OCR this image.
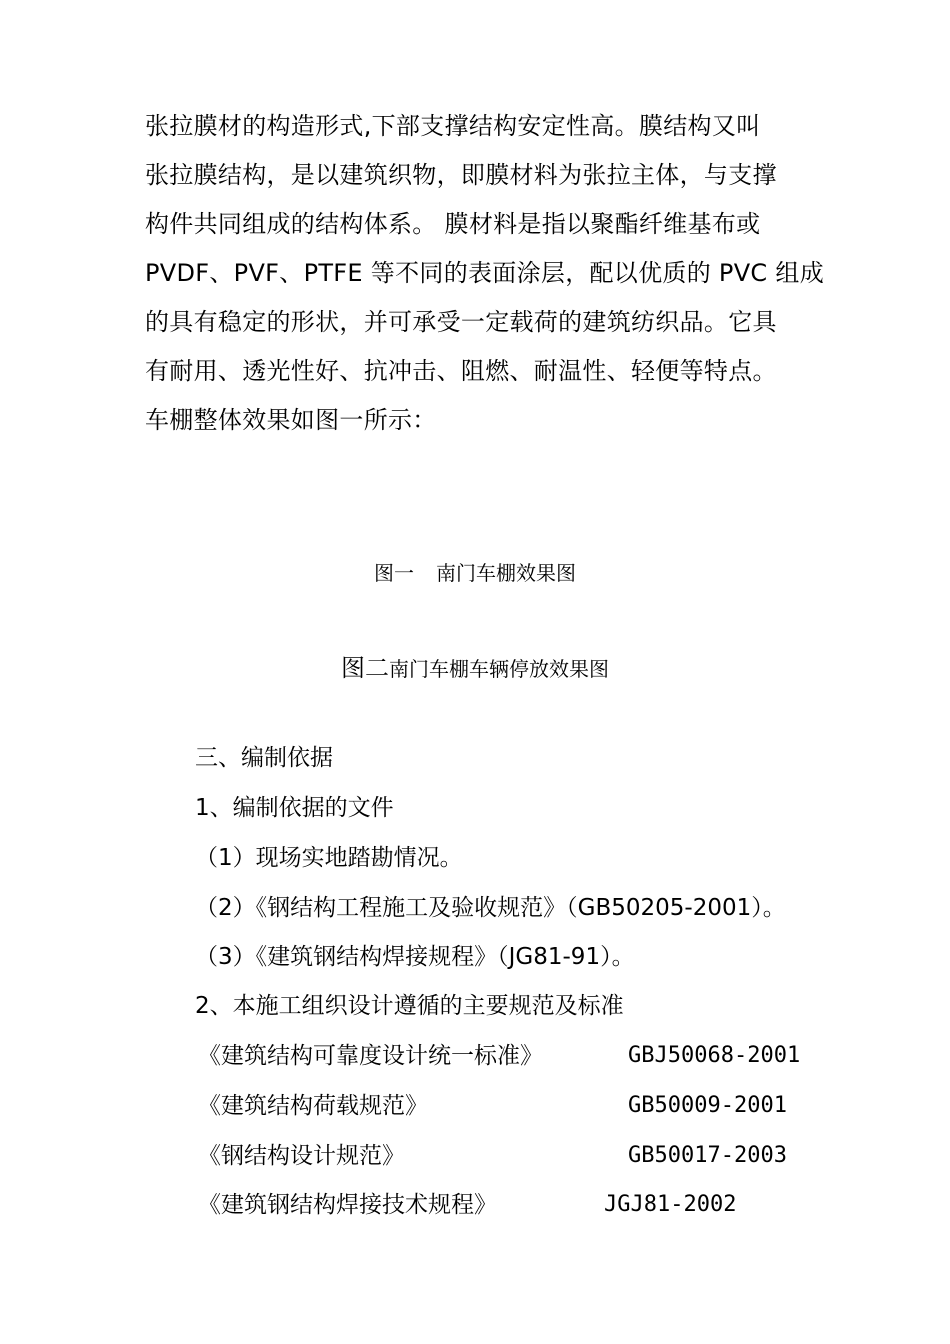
张拉膜材的构造形式,下部支撑结构安定性高。膜结构又叫
张拉膜结构，是以建筑织物，即膜材料为张拉主体，与支撑
构件共同组成的结构体系。 膜材料是指以聚酯纤维基布或
PVDF、PVF、PTFE 等不同的表面涂层，配以优质的 PVC 组成
的具有稳定的形状，并可承受一定载荷的建筑纺织品。它具
有耐用、透光性好、抗冲击、阻燃、耐温性、轻便等特点。
车棚整体效果如图一所示：
图一 南门车棚效果图
图二南门车棚车辆停放效果图
三、编制依据
1、编制依据的文件
（1）现场实地踏勘情况。
（2）《钢结构工程施工及验收规范》（GB50205-2001）。
（3）《建筑钢结构焊接规程》（JG81-91）。
2、本施工组织设计遵循的主要规范及标准
《建筑结构可靠度设计统一标准》	GBJ50068-2001
《建筑结构荷载规范》	GB50009-2001
《钢结构设计规范》	GB50017-2003
《建筑钢结构焊接技术规程》	JGJ81-2002
